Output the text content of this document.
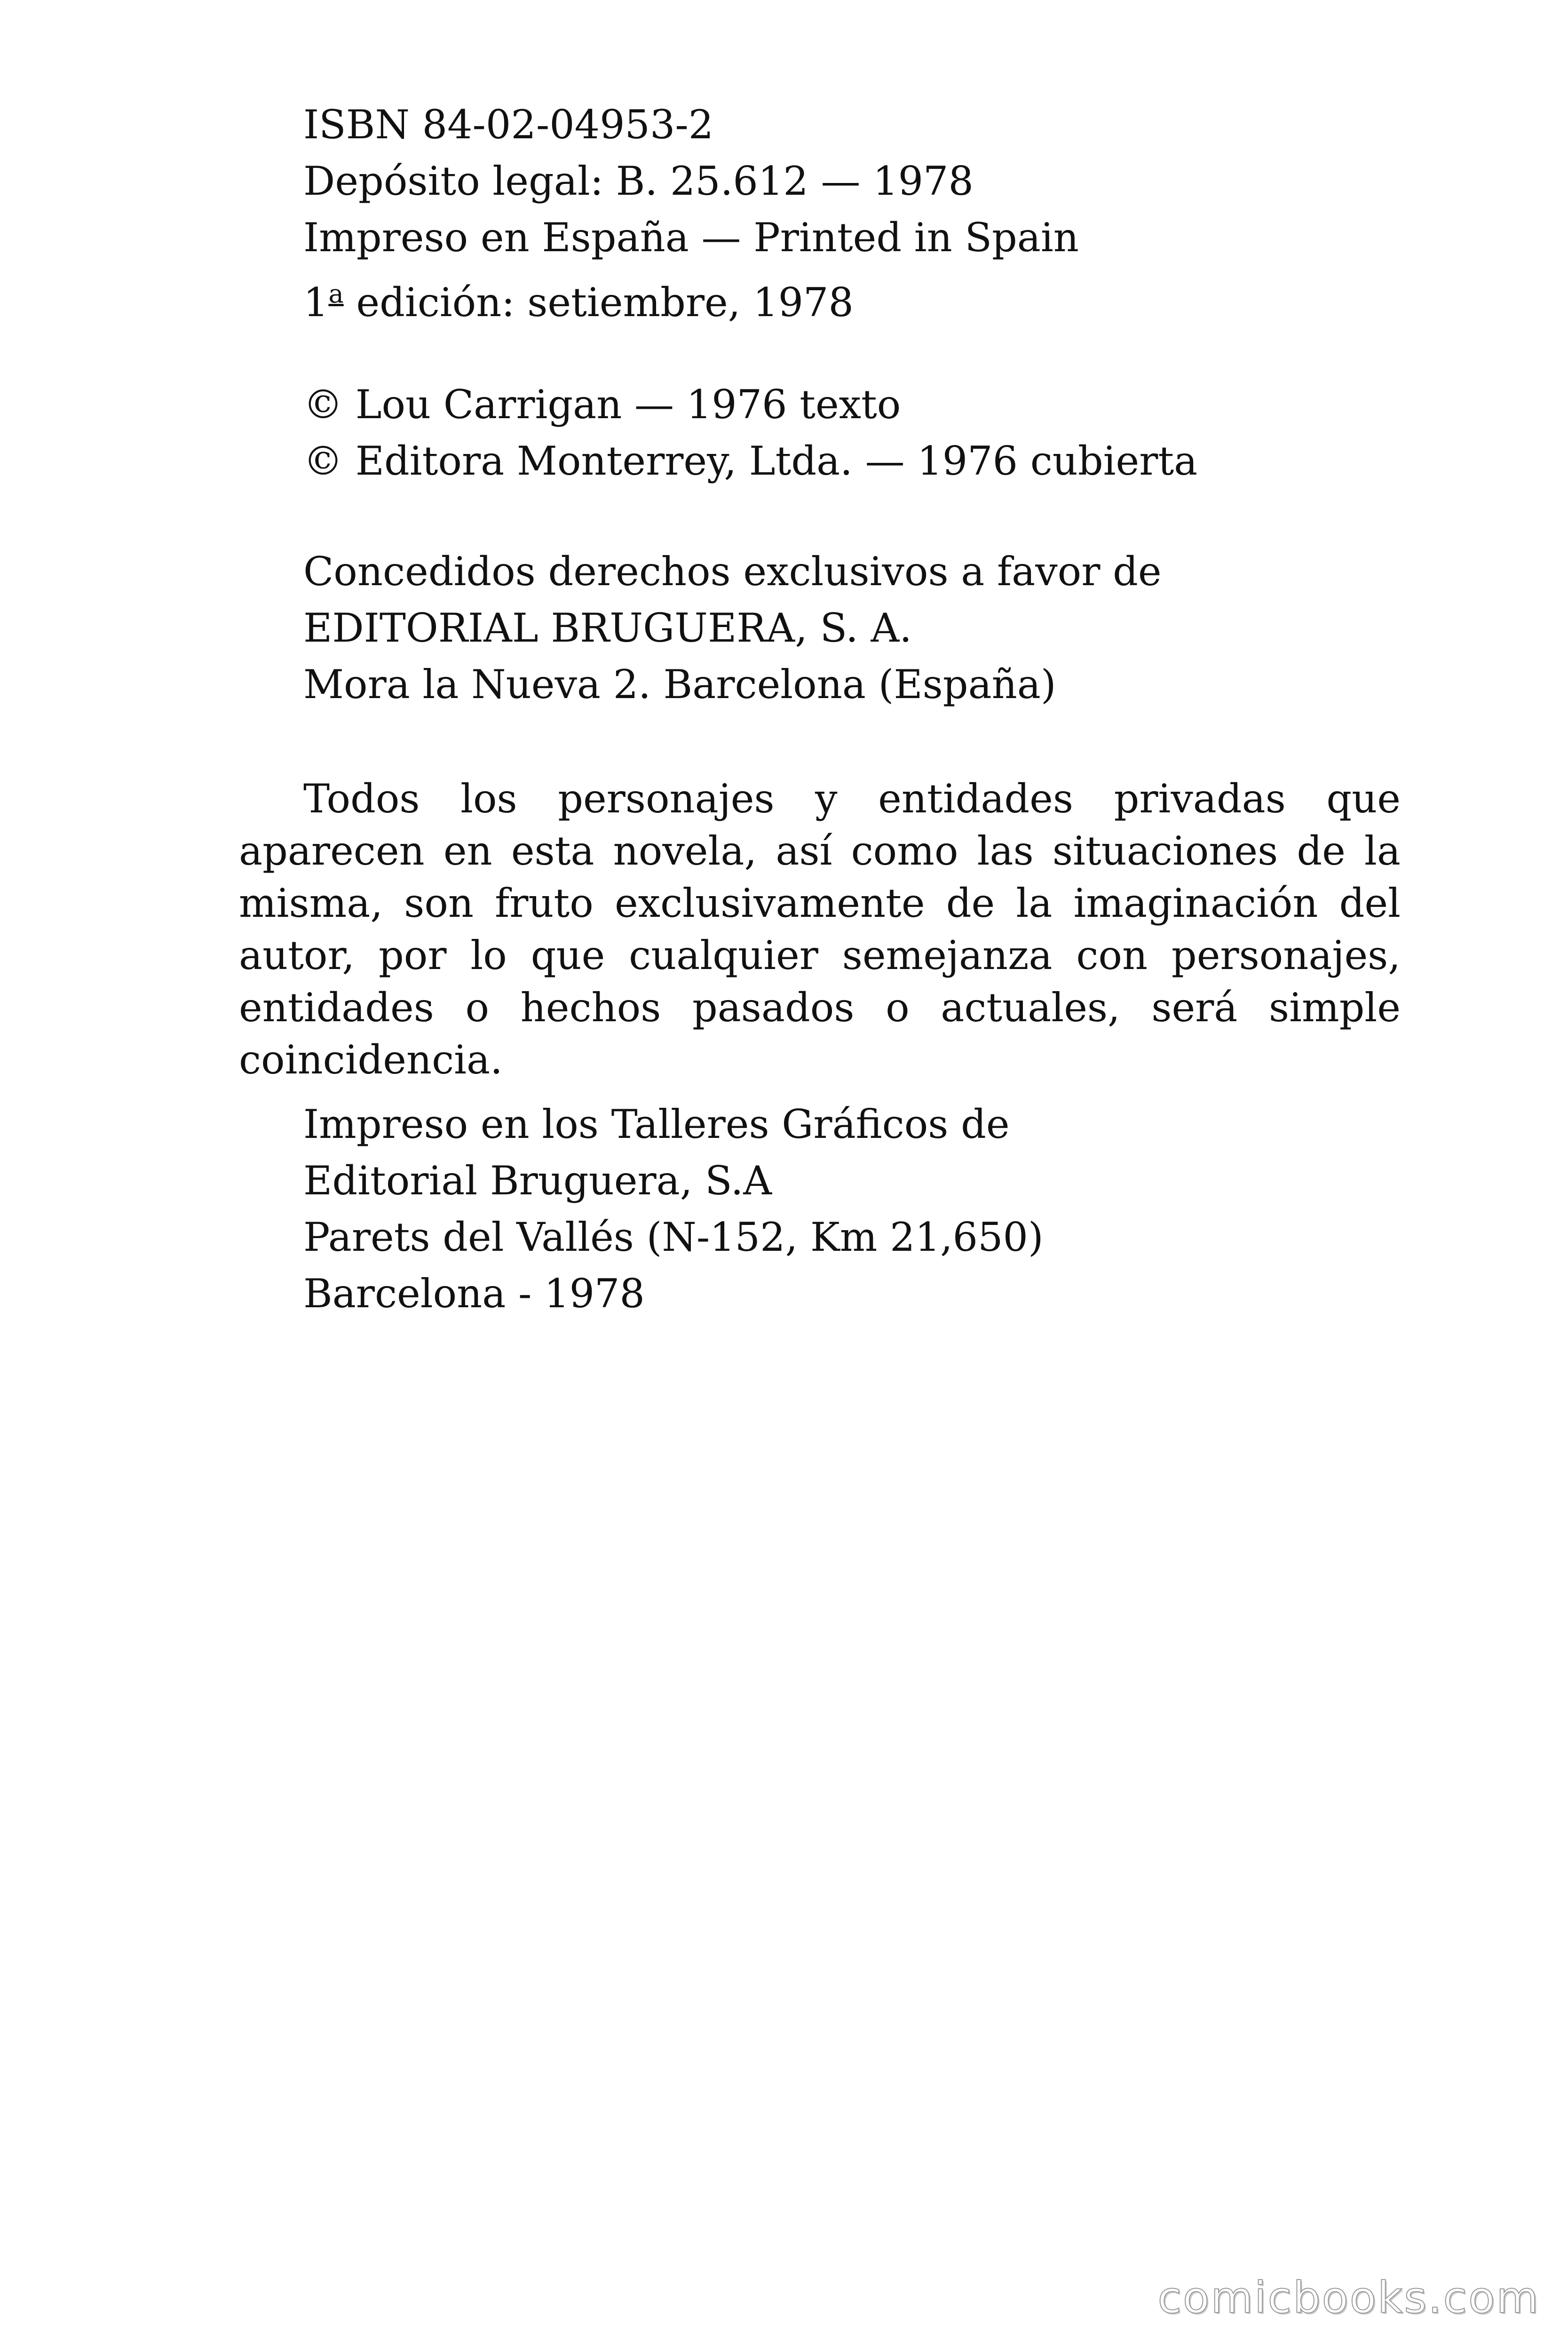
ISBN 84-02-04953-2

Depósito legal: B. 25.612 — 1978

Impreso en España — Printed in Spain

1$^a$ edición: setiembre, 1978

© Lou Carrigan — 1976 texto

© Editora Monterrey, Ltda. — 1976 cubierta

Concedidos derechos exclusivos a favor de

EDITORIAL BRUGUERA, S. A.

Mora la Nueva 2. Barcelona (España)

Todos los personajes y entidades privadas que aparecen en esta novela, así como las situaciones de la misma, son fruto exclusivamente de la imaginación del autor, por lo que cualquier semejanza con personajes, entidades o hechos pasados o actuales, será simple coincidencia.

Impreso en los Talleres Gráficos de

Editorial Bruguera, S.A

Parets del Vallés (N-152, Km 21,650)

Barcelona - 1978

comicbooks.com
